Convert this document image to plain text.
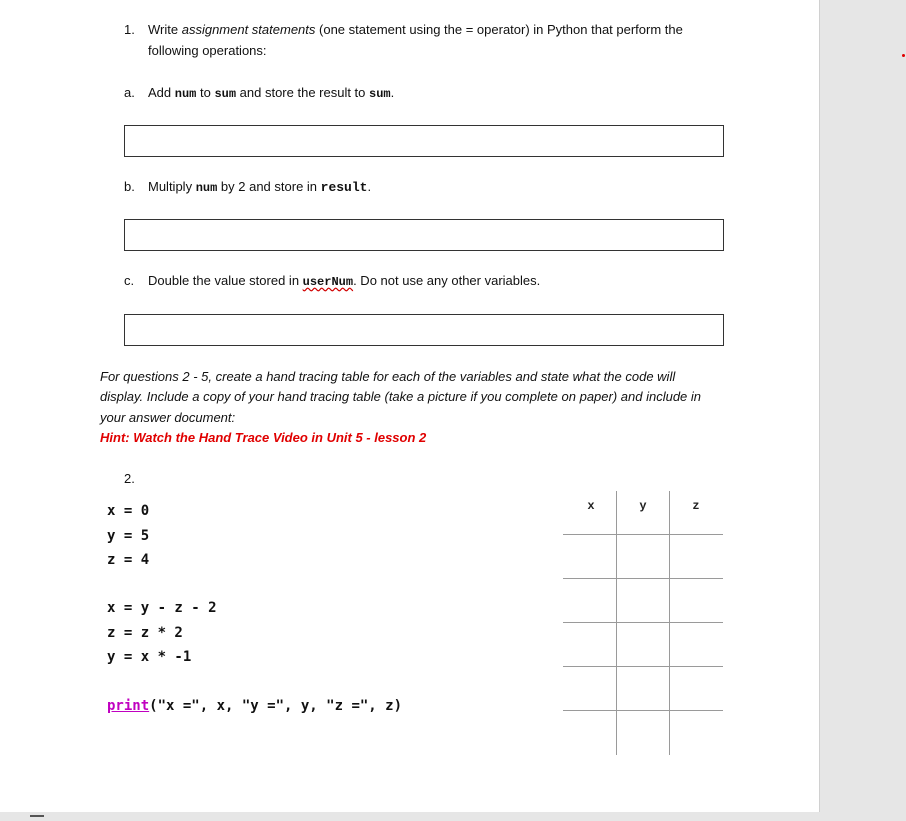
1. Write assignment statements (one statement using the = operator) in Python that perform the
following operations:
a. Add num to sum and store the result to sum.
b. Multiply num by 2 and store in result.
c. Double the value stored in userNum. Do not use any other variables.
For questions 2 - 5, create a hand tracing table for each of the variables and state what the code will
display. Include a copy of your hand tracing table (take a picture if you complete on paper) and include in
your answer document:
Hint: Watch the Hand Trace Video in Unit 5 - lesson 2
2.
x = 0
y = 5
z = 4
x = y - z - 2
z = z * 2
y = x * -1
print("x =", x, "y =", y, "z =", z)
x	y	z
